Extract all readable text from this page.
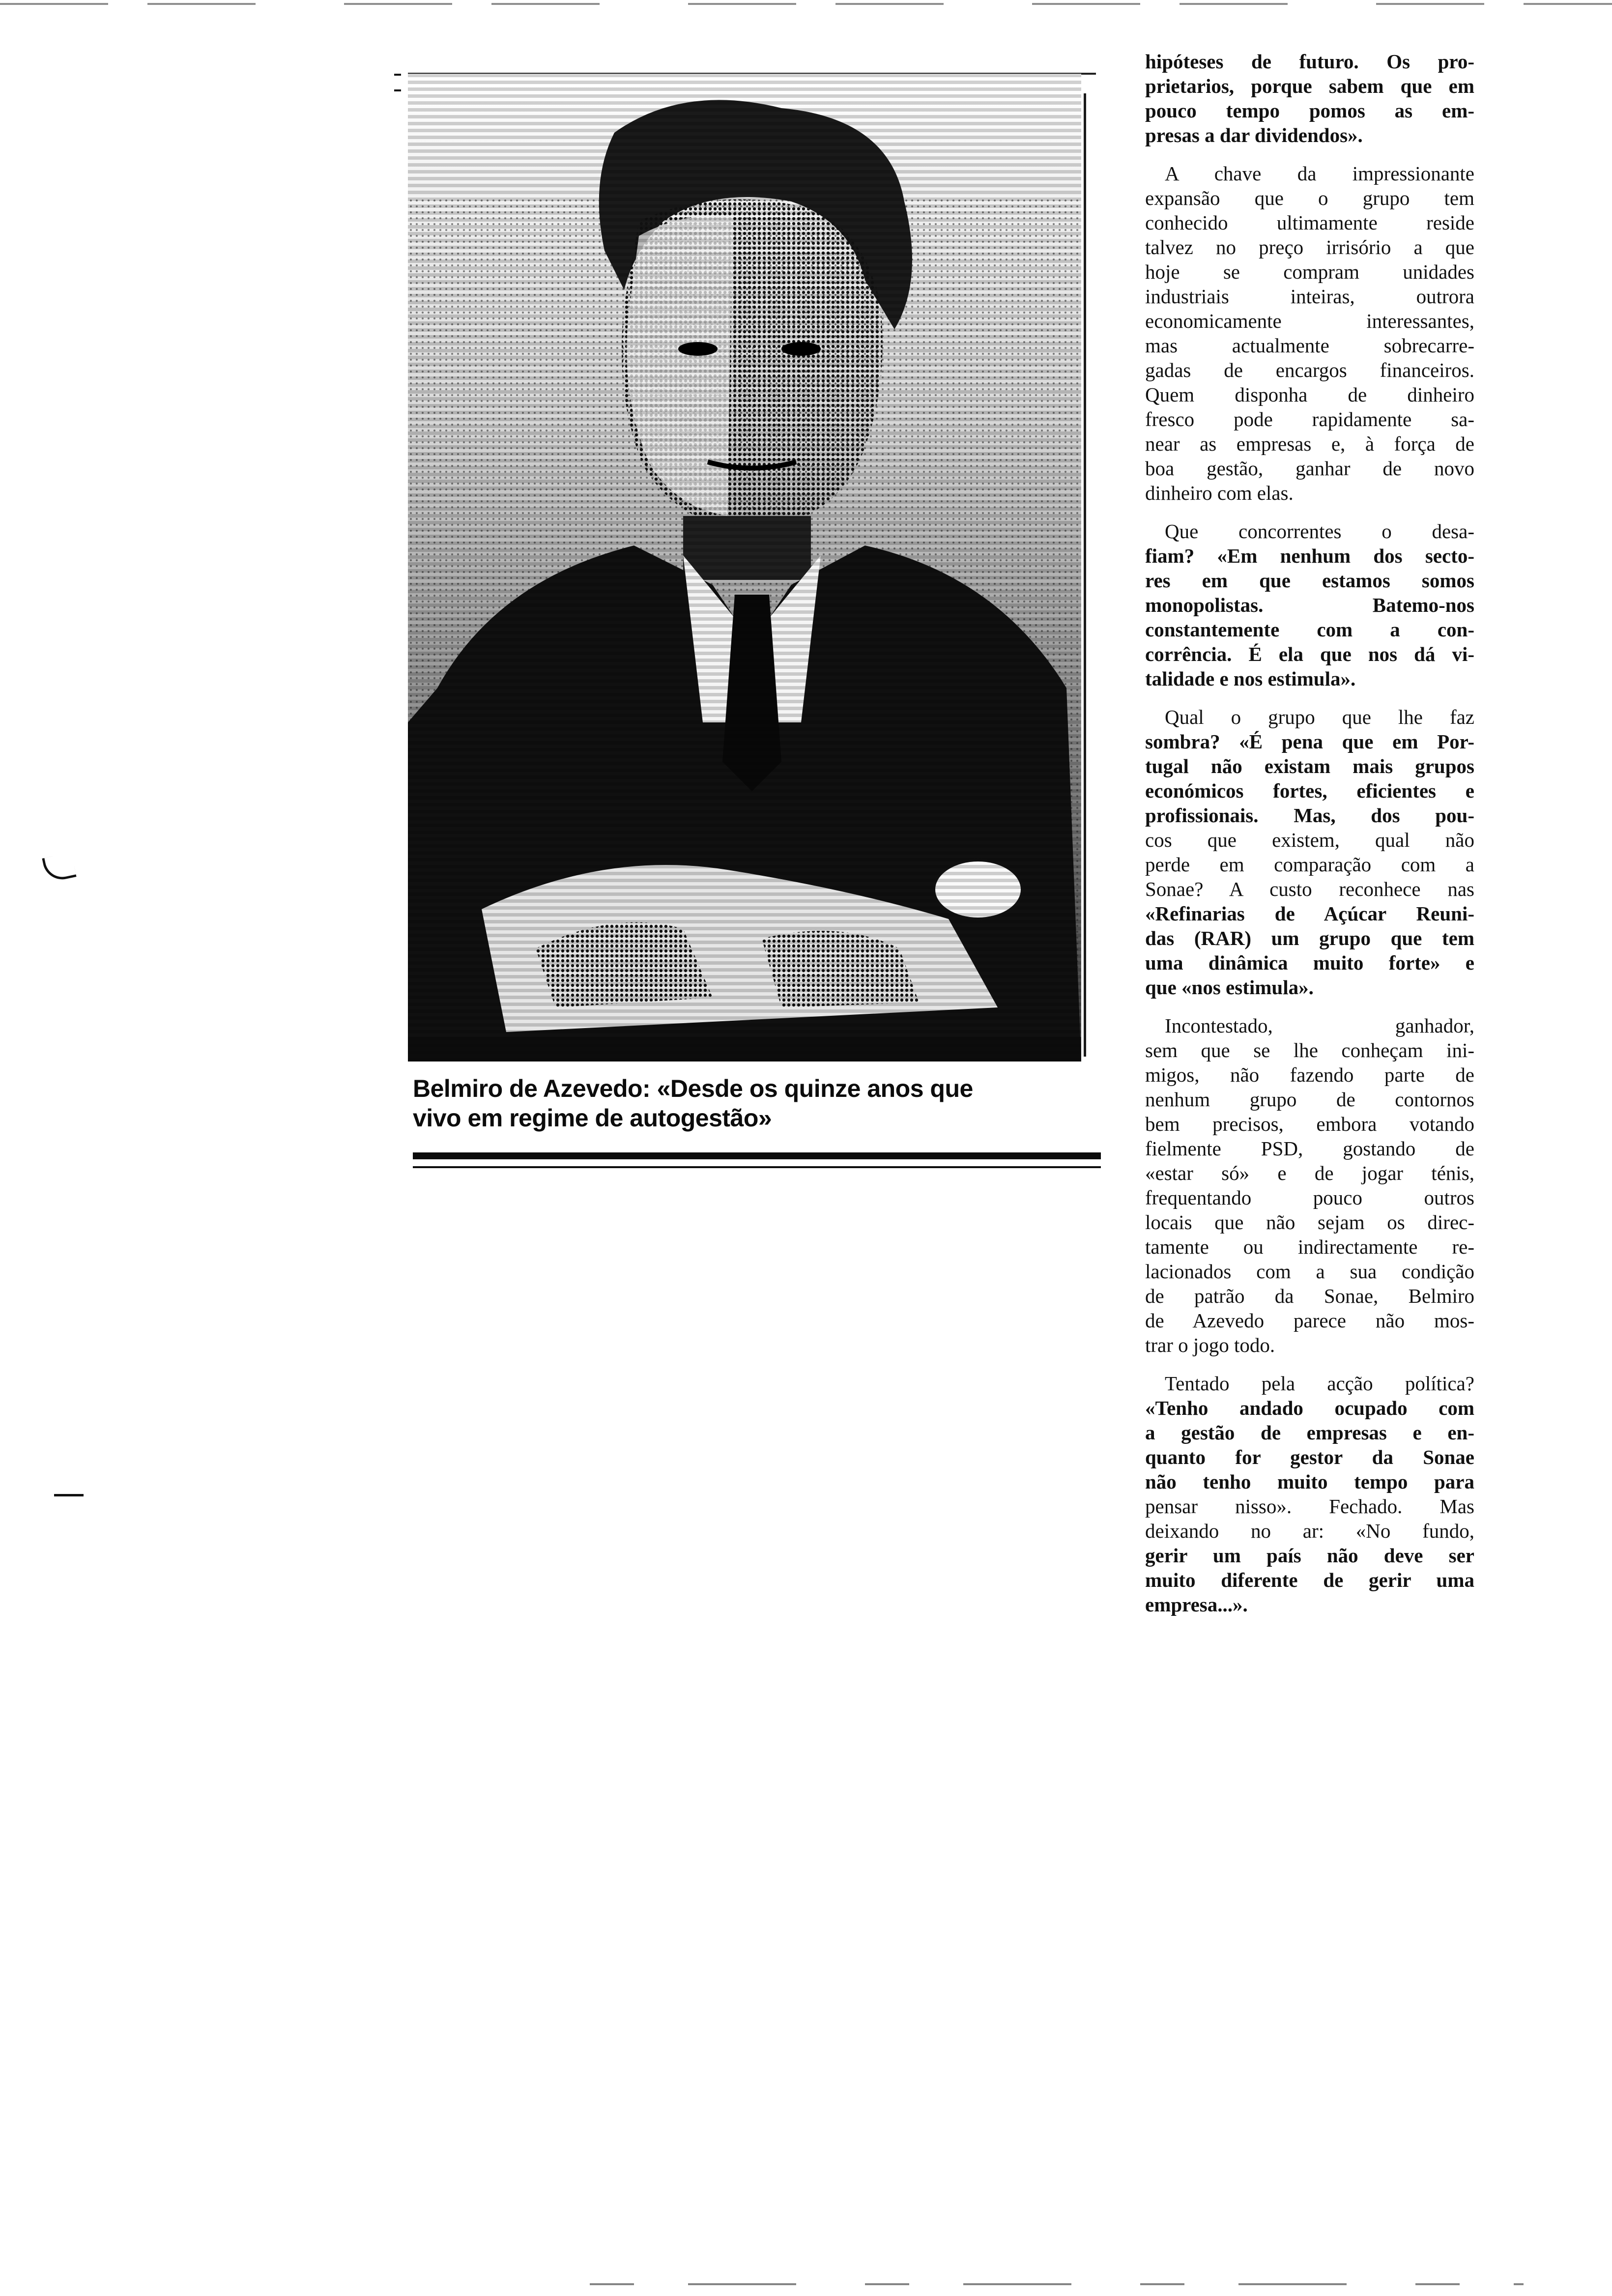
Belmiro de Azevedo: «Desde os quinze anos que
vivo em regime de autogestão»
hipóteses de futuro. Os pro-
prietarios, porque sabem que em
pouco tempo pomos as em-
presas a dar dividendos».
A chave da impressionante
expansão que o grupo tem
conhecido ultimamente reside
talvez no preço irrisório a que
hoje se compram unidades
industriais inteiras, outrora
economicamente interessantes,
mas actualmente sobrecarre-
gadas de encargos financeiros.
Quem disponha de dinheiro
fresco pode rapidamente sa-
near as empresas e, à força de
boa gestão, ganhar de novo
dinheiro com elas.
Que concorrentes o desa-
fiam? «Em nenhum dos secto-
res em que estamos somos
monopolistas. Batemo-nos
constantemente com a con-
corrência. É ela que nos dá vi-
talidade e nos estimula».
Qual o grupo que lhe faz
sombra? «É pena que em Por-
tugal não existam mais grupos
económicos fortes, eficientes e
profissionais. Mas, dos pou-
cos que existem, qual não
perde em comparação com a
Sonae? A custo reconhece nas
«Refinarias de Açúcar Reuni-
das (RAR) um grupo que tem
uma dinâmica muito forte» e
que «nos estimula».
Incontestado, ganhador,
sem que se lhe conheçam ini-
migos, não fazendo parte de
nenhum grupo de contornos
bem precisos, embora votando
fielmente PSD, gostando de
«estar só» e de jogar ténis,
frequentando pouco outros
locais que não sejam os direc-
tamente ou indirectamente re-
lacionados com a sua condição
de patrão da Sonae, Belmiro
de Azevedo parece não mos-
trar o jogo todo.
Tentado pela acção política?
«Tenho andado ocupado com
a gestão de empresas e en-
quanto for gestor da Sonae
não tenho muito tempo para
pensar nisso». Fechado. Mas
deixando no ar: «No fundo,
gerir um país não deve ser
muito diferente de gerir uma
empresa...».
